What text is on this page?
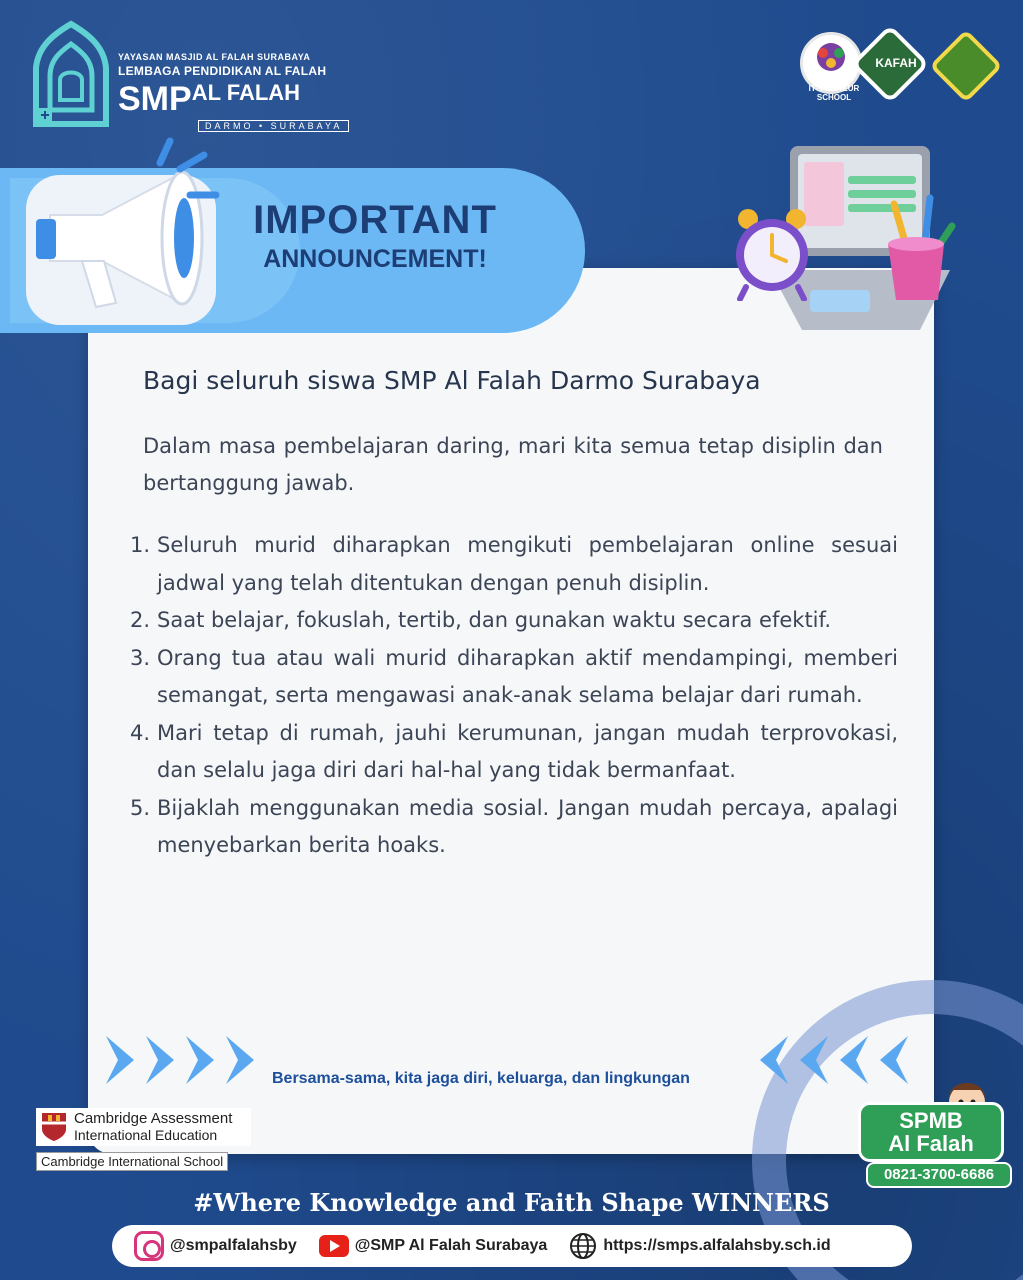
YAYASAN MASJID AL FALAH SURABAYA
LEMBAGA PENDIDIKAN AL FALAH
$SMP^{AL FALAH}$
DARMO • SURABAYA
IT- PRENEUR
SCHOOL
KAFAH
IMPORTANT
ANNOUNCEMENT!
Bagi seluruh siswa SMP Al Falah Darmo Surabaya
Dalam masa pembelajaran daring, mari kita semua tetap disiplin dan bertanggung jawab.
1. Seluruh murid diharapkan mengikuti pembelajaran online sesuai jadwal yang telah ditentukan dengan penuh disiplin.
2. Saat belajar, fokuslah, tertib, dan gunakan waktu secara efektif.
3. Orang tua atau wali murid diharapkan aktif mendampingi, memberi semangat, serta mengawasi anak-anak selama belajar dari rumah.
4. Mari tetap di rumah, jauhi kerumunan, jangan mudah terprovokasi, dan selalu jaga diri dari hal-hal yang tidak bermanfaat.
5. Bijaklah menggunakan media sosial. Jangan mudah percaya, apalagi menyebarkan berita hoaks.
Bersama-sama, kita jaga diri, keluarga, dan lingkungan
Cambridge Assessment
International Education
Cambridge International School
SPMB
Al Falah
0821-3700-6686
#Where Knowledge and Faith Shape WINNERS
@smpalfalahsby	@SMP Al Falah Surabaya	https://smps.alfalahsby.sch.id
